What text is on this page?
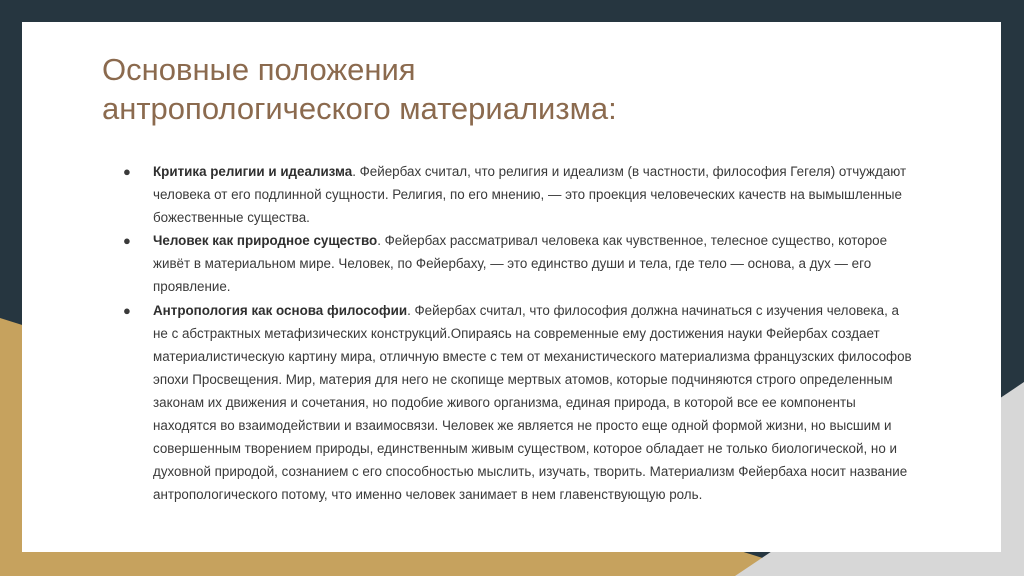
Основные положения
антропологического материализма:
● Критика религии и идеализма. Фейербах считал, что религия и идеализм (в частности, философия Гегеля) отчуждают человека от его подлинной сущности. Религия, по его мнению, — это проекция человеческих качеств на вымышленные божественные существа.
● Человек как природное существо. Фейербах рассматривал человека как чувственное, телесное существо, которое живёт в материальном мире. Человек, по Фейербаху, — это единство души и тела, где тело — основа, а дух — его проявление.
● Антропология как основа философии. Фейербах считал, что философия должна начинаться с изучения человека, а не с абстрактных метафизических конструкций.Опираясь на современные ему достижения науки Фейербах создает материалистическую картину мира, отличную вместе с тем от механистического материализма французских философов эпохи Просвещения. Мир, материя для него не скопище мертвых атомов, которые подчиняются строго определенным законам их движения и сочетания, но подобие живого организма, единая природа, в которой все ее компоненты находятся во взаимодействии и взаимосвязи. Человек же является не просто еще одной формой жизни, но высшим и совершенным творением природы, единственным живым существом, которое обладает не только биологической, но и духовной природой, сознанием с его способностью мыслить, изучать, творить. Материализм Фейербаха носит название антропологического потому, что именно человек занимает в нем главенствующую роль.
